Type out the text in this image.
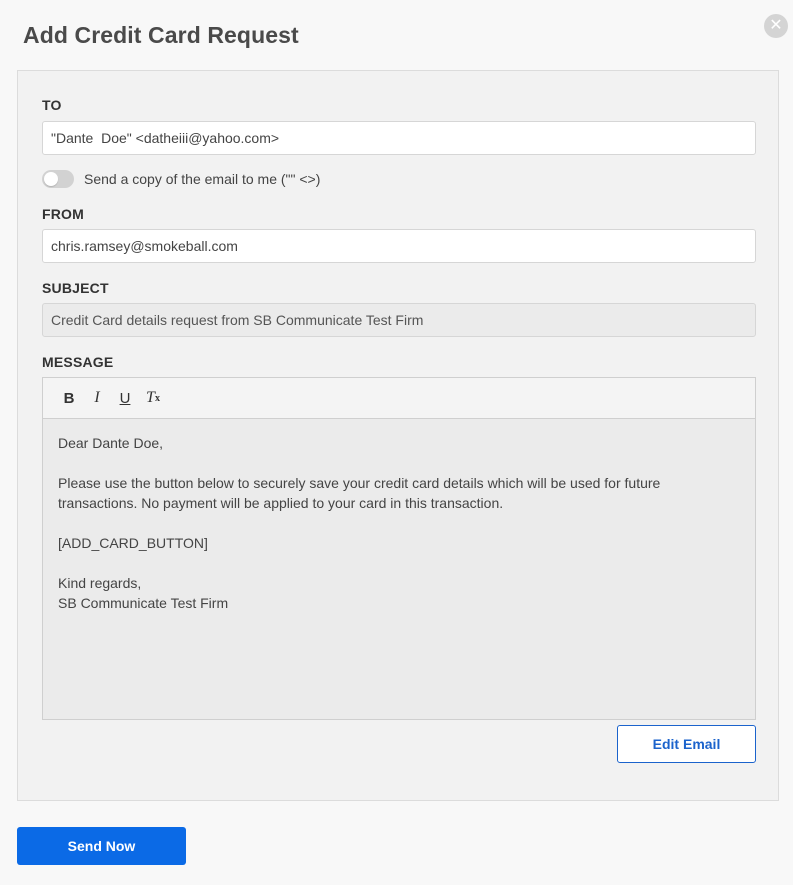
Add Credit Card Request	✕
TO
"Dante  Doe" <datheiii@yahoo.com>
Send a copy of the email to me ("" <>)
FROM
chris.ramsey@smokeball.com
SUBJECT
Credit Card details request from SB Communicate Test Firm
MESSAGE
B	I	U T x

Dear Dante Doe,

Please use the button below to securely save your credit card details which will be used for future transactions. No payment will be applied to your card in this transaction.

[ADD_CARD_BUTTON]

Kind regards,

SB Communicate Test Firm

Edit Email
Send Now
